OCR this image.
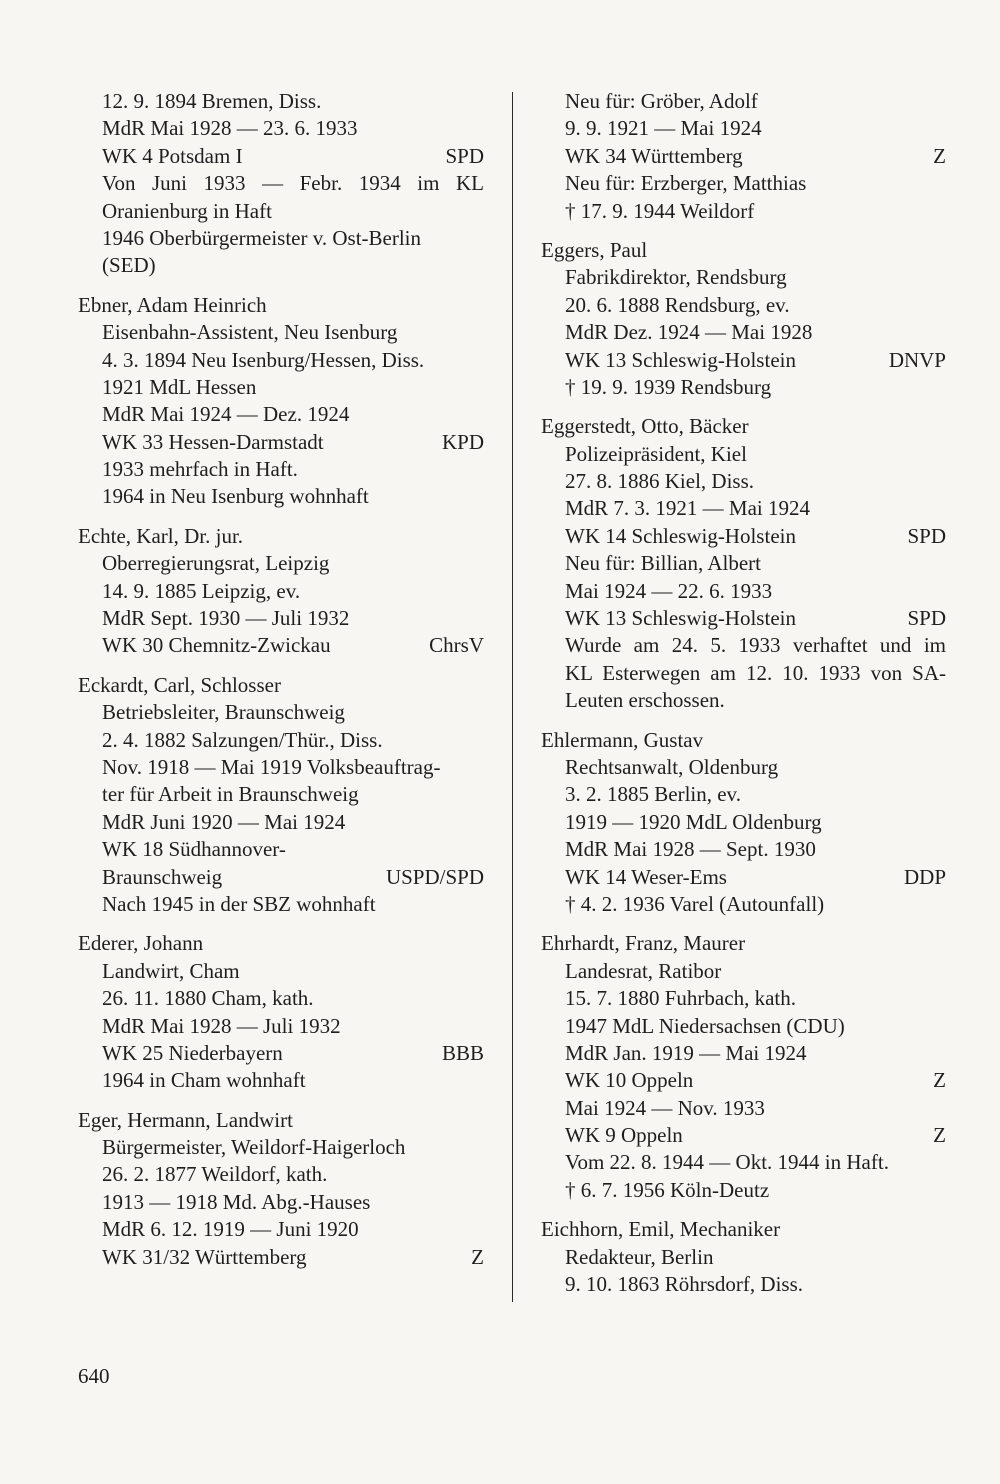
12. 9. 1894 Bremen, Diss.
MdR Mai 1928 — 23. 6. 1933
WK 4 Potsdam I	SPD
Von Juni 1933 — Febr. 1934 im KL
Oranienburg in Haft
1946 Oberbürgermeister v. Ost-Berlin
(SED)
Ebner, Adam Heinrich
Eisenbahn-Assistent, Neu Isenburg
4. 3. 1894 Neu Isenburg/Hessen, Diss.
1921 MdL Hessen
MdR Mai 1924 — Dez. 1924
WK 33 Hessen-Darmstadt	KPD
1933 mehrfach in Haft.
1964 in Neu Isenburg wohnhaft
Echte, Karl, Dr. jur.
Oberregierungsrat, Leipzig
14. 9. 1885 Leipzig, ev.
MdR Sept. 1930 — Juli 1932
WK 30 Chemnitz-Zwickau	ChrsV
Eckardt, Carl, Schlosser
Betriebsleiter, Braunschweig
2. 4. 1882 Salzungen/Thür., Diss.
Nov. 1918 — Mai 1919 Volksbeauftrag-
ter für Arbeit in Braunschweig
MdR Juni 1920 — Mai 1924
WK 18 Südhannover-
Braunschweig	USPD/SPD
Nach 1945 in der SBZ wohnhaft
Ederer, Johann
Landwirt, Cham
26. 11. 1880 Cham, kath.
MdR Mai 1928 — Juli 1932
WK 25 Niederbayern	BBB
1964 in Cham wohnhaft
Eger, Hermann, Landwirt
Bürgermeister, Weildorf-Haigerloch
26. 2. 1877 Weildorf, kath.
1913 — 1918 Md. Abg.-Hauses
MdR 6. 12. 1919 — Juni 1920
WK 31/32 Württemberg	Z
Neu für: Gröber, Adolf
9. 9. 1921 — Mai 1924
WK 34 Württemberg	Z
Neu für: Erzberger, Matthias
† 17. 9. 1944 Weildorf
Eggers, Paul
Fabrikdirektor, Rendsburg
20. 6. 1888 Rendsburg, ev.
MdR Dez. 1924 — Mai 1928
WK 13 Schleswig-Holstein	DNVP
† 19. 9. 1939 Rendsburg
Eggerstedt, Otto, Bäcker
Polizeipräsident, Kiel
27. 8. 1886 Kiel, Diss.
MdR 7. 3. 1921 — Mai 1924
WK 14 Schleswig-Holstein	SPD
Neu für: Billian, Albert
Mai 1924 — 22. 6. 1933
WK 13 Schleswig-Holstein	SPD
Wurde am 24. 5. 1933 verhaftet und im
KL Esterwegen am 12. 10. 1933 von SA-
Leuten erschossen.
Ehlermann, Gustav
Rechtsanwalt, Oldenburg
3. 2. 1885 Berlin, ev.
1919 — 1920 MdL Oldenburg
MdR Mai 1928 — Sept. 1930
WK 14 Weser-Ems	DDP
† 4. 2. 1936 Varel (Autounfall)
Ehrhardt, Franz, Maurer
Landesrat, Ratibor
15. 7. 1880 Fuhrbach, kath.
1947 MdL Niedersachsen (CDU)
MdR Jan. 1919 — Mai 1924
WK 10 Oppeln	Z
Mai 1924 — Nov. 1933
WK 9 Oppeln	Z
Vom 22. 8. 1944 — Okt. 1944 in Haft.
† 6. 7. 1956 Köln-Deutz
Eichhorn, Emil, Mechaniker
Redakteur, Berlin
9. 10. 1863 Röhrsdorf, Diss.
640
